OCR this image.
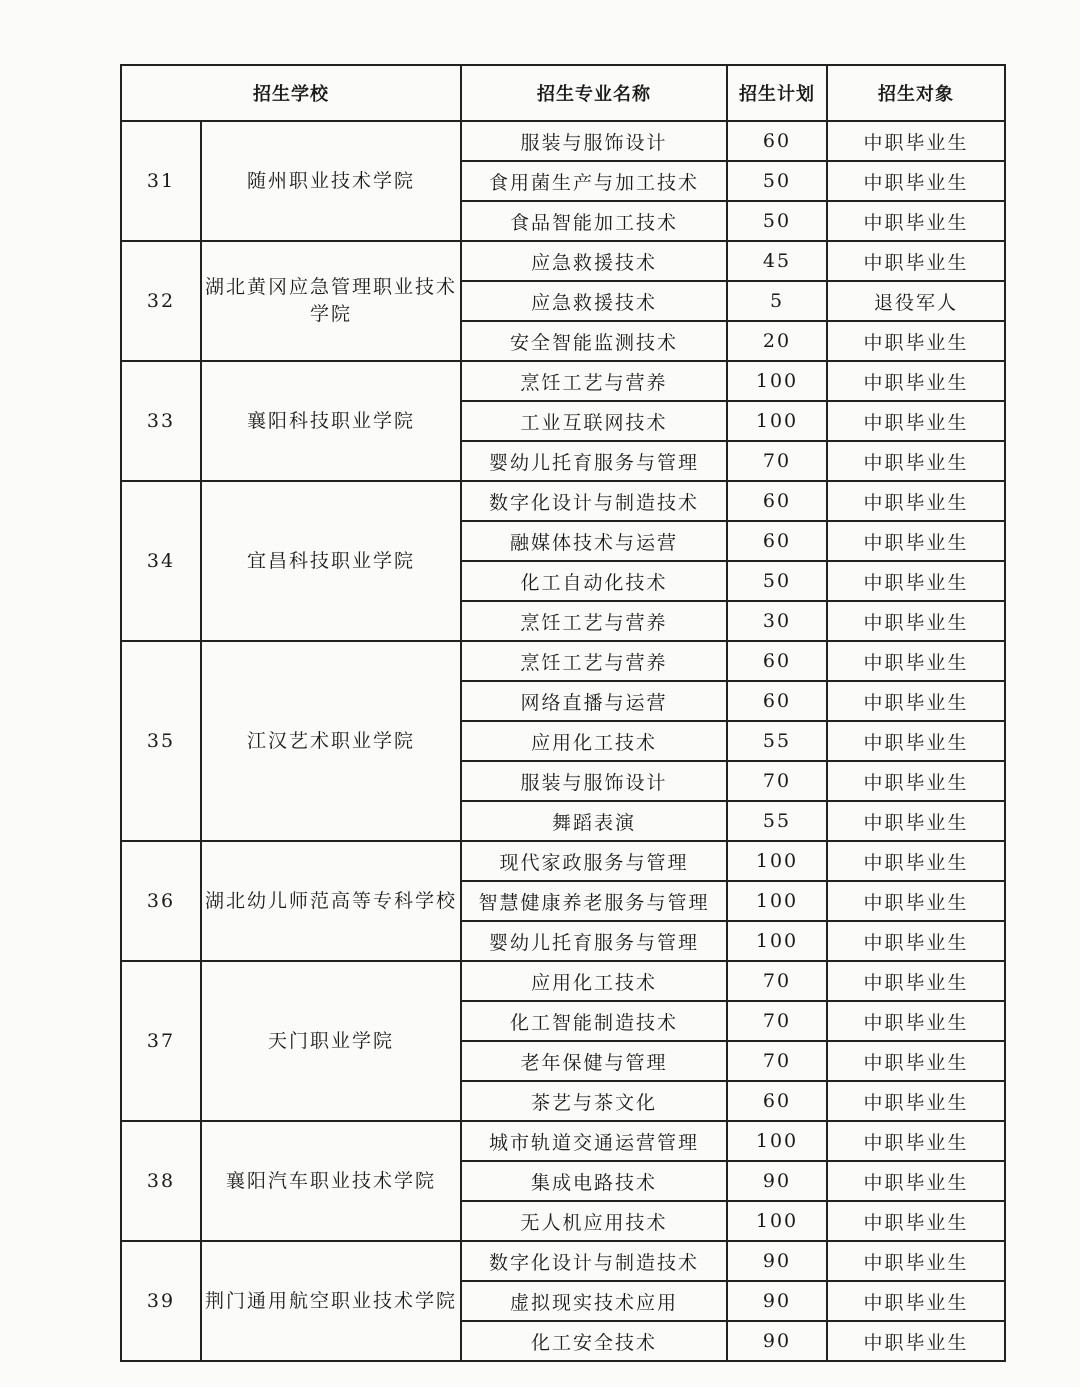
招生学校		招生专业名称	招生计划	招生对象
31	随州职业技术学院	服装与服饰设计	60	中职毕业生
		食用菌生产与加工技术	50	中职毕业生
		食品智能加工技术	50	中职毕业生
32	湖北黄冈应急管理职业技术学院	应急救援技术	45	中职毕业生
		应急救援技术	5	退役军人
		安全智能监测技术	20	中职毕业生
33	襄阳科技职业学院	烹饪工艺与营养	100	中职毕业生
		工业互联网技术	100	中职毕业生
		婴幼儿托育服务与管理	70	中职毕业生
34	宜昌科技职业学院	数字化设计与制造技术	60	中职毕业生
		融媒体技术与运营	60	中职毕业生
		化工自动化技术	50	中职毕业生
		烹饪工艺与营养	30	中职毕业生
35	江汉艺术职业学院	烹饪工艺与营养	60	中职毕业生
		网络直播与运营	60	中职毕业生
		应用化工技术	55	中职毕业生
		服装与服饰设计	70	中职毕业生
		舞蹈表演	55	中职毕业生
36	湖北幼儿师范高等专科学校	现代家政服务与管理	100	中职毕业生
		智慧健康养老服务与管理	100	中职毕业生
		婴幼儿托育服务与管理	100	中职毕业生
37	天门职业学院	应用化工技术	70	中职毕业生
		化工智能制造技术	70	中职毕业生
		老年保健与管理	70	中职毕业生
		茶艺与茶文化	60	中职毕业生
38	襄阳汽车职业技术学院	城市轨道交通运营管理	100	中职毕业生
		集成电路技术	90	中职毕业生
		无人机应用技术	100	中职毕业生
39	荆门通用航空职业技术学院	数字化设计与制造技术	90	中职毕业生
		虚拟现实技术应用	90	中职毕业生
		化工安全技术	90	中职毕业生
